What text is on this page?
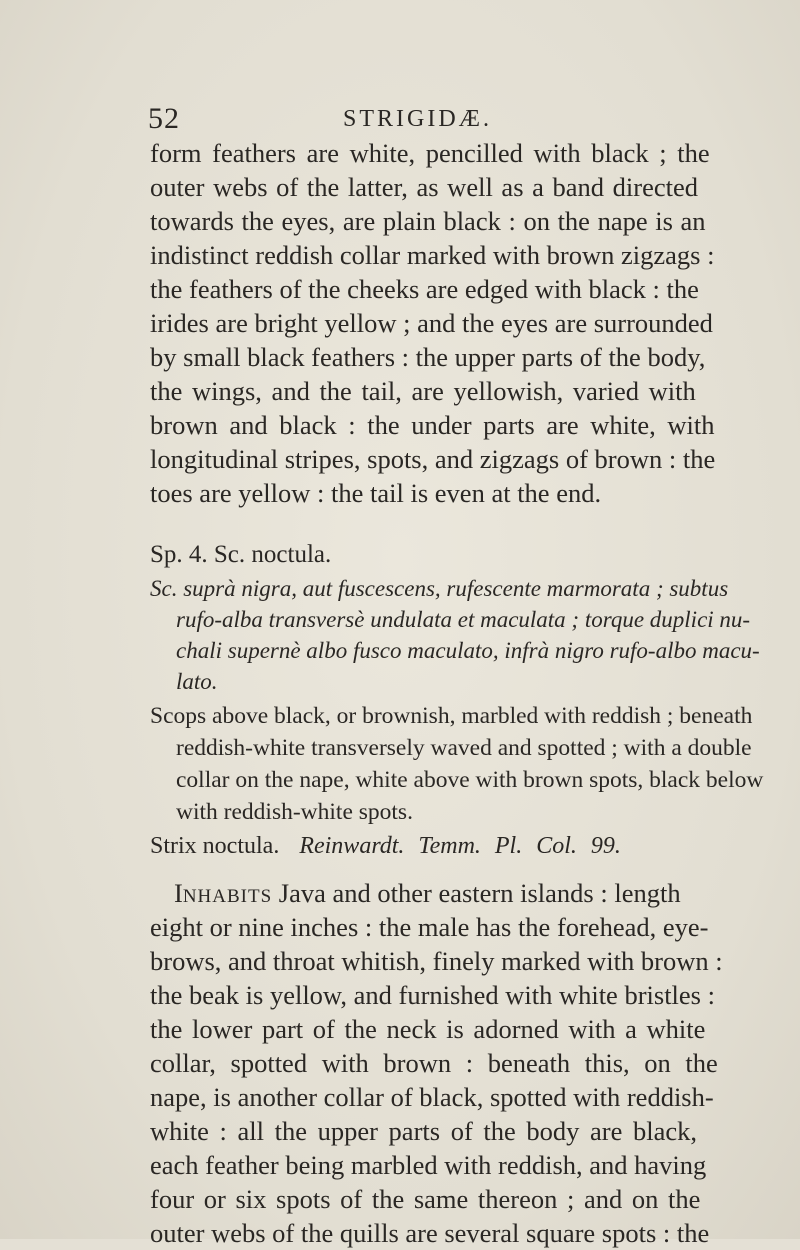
52	STRIGIDÆ.
form feathers are white, pencilled with black ; the
outer webs of the latter, as well as a band directed
towards the eyes, are plain black : on the nape is an
indistinct reddish collar marked with brown zigzags :
the feathers of the cheeks are edged with black : the
irides are bright yellow ; and the eyes are surrounded
by small black feathers : the upper parts of the body,
the wings, and the tail, are yellowish, varied with
brown and black : the under parts are white, with
longitudinal stripes, spots, and zigzags of brown : the
toes are yellow : the tail is even at the end.
Sp. 4. Sc. noctula.
Sc. suprà nigra, aut fuscescens, rufescente marmorata ; subtus
rufo-alba transversè undulata et maculata ; torque duplici nu-
chali supernè albo fusco maculato, infrà nigro rufo-albo macu-
lato.
Scops above black, or brownish, marbled with reddish ; beneath
reddish-white transversely waved and spotted ; with a double
collar on the nape, white above with brown spots, black below
with reddish-white spots.
Strix noctula. Reinwardt. Temm. Pl. Col. 99.
INHABITS Java and other eastern islands : length
eight or nine inches : the male has the forehead, eye-
brows, and throat whitish, finely marked with brown :
the beak is yellow, and furnished with white bristles :
the lower part of the neck is adorned with a white
collar, spotted with brown : beneath this, on the
nape, is another collar of black, spotted with reddish-
white : all the upper parts of the body are black,
each feather being marbled with reddish, and having
four or six spots of the same thereon ; and on the
outer webs of the quills are several square spots : the
